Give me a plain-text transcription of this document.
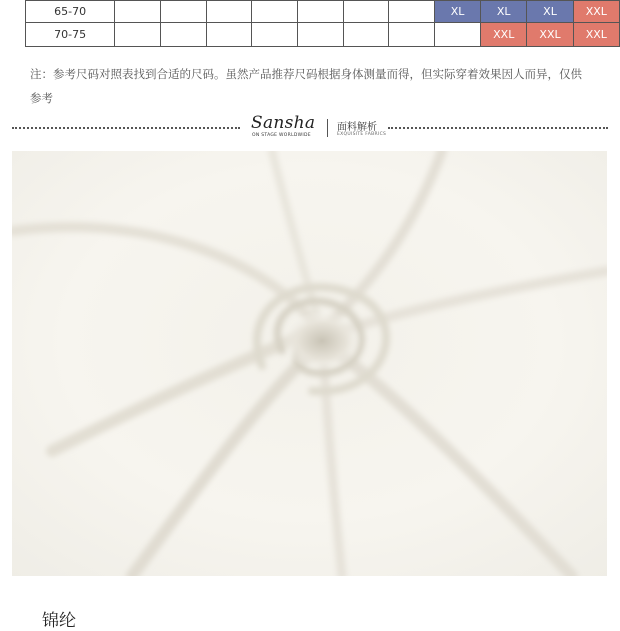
65-70								XL	XL	XL	XXL
70-75									XXL	XXL	XXL
注：参考尺码对照表找到合适的尺码。虽然产品推荐尺码根据身体测量而得，但实际穿着效果因人而异，仅供参考
Sansha
ON STAGE WORLDWIDE
面料解析
EXQUISITE FABRICS
锦纶
